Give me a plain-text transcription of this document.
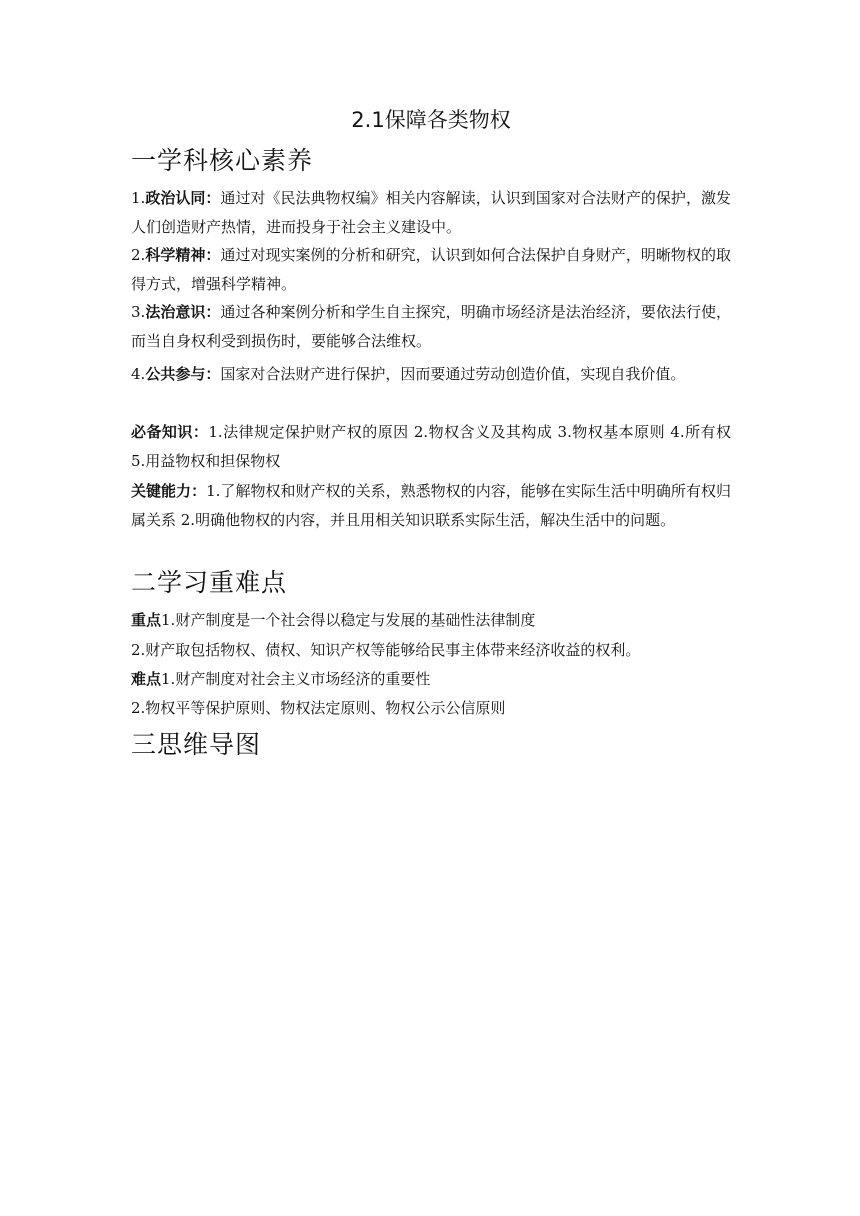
2.1保障各类物权
一学科核心素养

1.政治认同：通过对《民法典物权编》相关内容解读，认识到国家对合法财产的保护，激发人们创造财产热情，进而投身于社会主义建设中。

2.科学精神：通过对现实案例的分析和研究，认识到如何合法保护自身财产，明晰物权的取得方式，增强科学精神。

3.法治意识：通过各种案例分析和学生自主探究，明确市场经济是法治经济，要依法行使，而当自身权利受到损伤时，要能够合法维权。

4.公共参与：国家对合法财产进行保护，因而要通过劳动创造价值，实现自我价值。

必备知识：1.法律规定保护财产权的原因 2.物权含义及其构成 3.物权基本原则 4.所有权 5.用益物权和担保物权

关键能力：1.了解物权和财产权的关系，熟悉物权的内容，能够在实际生活中明确所有权归属关系 2.明确他物权的内容，并且用相关知识联系实际生活，解决生活中的问题。

二学习重难点

重点1.财产制度是一个社会得以稳定与发展的基础性法律制度

2.财产取包括物权、债权、知识产权等能够给民事主体带来经济收益的权利。

难点1.财产制度对社会主义市场经济的重要性

2.物权平等保护原则、物权法定原则、物权公示公信原则

三思维导图
